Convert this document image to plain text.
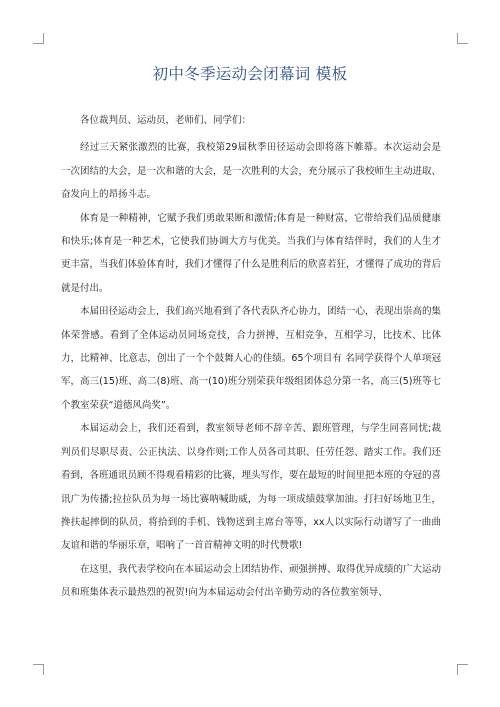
初中冬季运动会闭幕词 模板

各位裁判员、运动员，老师们、同学们：

经过三天紧张激烈的比赛，我校第29届秋季田径运动会即将落下帷幕。本次运动会是一次团结的大会，是一次和谐的大会，是一次胜利的大会，充分展示了我校师生主动进取、奋发向上的昂扬斗志。

体育是一种精神，它赋予我们勇敢果断和激情;体育是一种财富，它带给我们品质健康和快乐;体育是一种艺术，它使我们协调大方与优美。当我们与体育结伴时，我们的人生才更丰富，当我们体验体育时，我们才懂得了什么是胜利后的欣喜若狂，才懂得了成功的背后就是付出。

本届田径运动会上，我们高兴地看到了各代表队齐心协力，团结一心，表现出崇高的集体荣誉感。看到了全体运动员同场竞技，合力拼搏，互相竞争，互相学习，比技术、比体力，比精神、比意志，创出了一个个鼓舞人心的佳绩。65个项目有 名同学获得个人单项冠军，高三(15)班、高二(8)班、高一(10)班分别荣获年级组团体总分第一名，高三(5)班等七个教室荣获“道德风尚奖”。

本届运动会上，我们还看到，教室领导老师不辞辛苦、跟班管理，与学生同喜同忧;裁判员们尽职尽责、公正执法、以身作则;工作人员各司其职、任劳任怨、踏实工作。我们还看到，各班通讯员顾不得观看精彩的比赛，埋头写作，要在最短的时间里把本班的夺冠的喜讯广为传播;拉拉队员为每一场比赛呐喊助威，为每一项成绩鼓掌加油。打扫好场地卫生，搀扶起摔倒的队员，将拾到的手机、钱物送到主席台等等，xx人以实际行动谱写了一曲曲友谊和谐的华丽乐章，唱响了一首首精神文明的时代赞歌!

在这里，我代表学校向在本届运动会上团结协作、顽强拼搏、取得优异成绩的广大运动员和班集体表示最热烈的祝贺!向为本届运动会付出辛勤劳动的各位教室领导、
